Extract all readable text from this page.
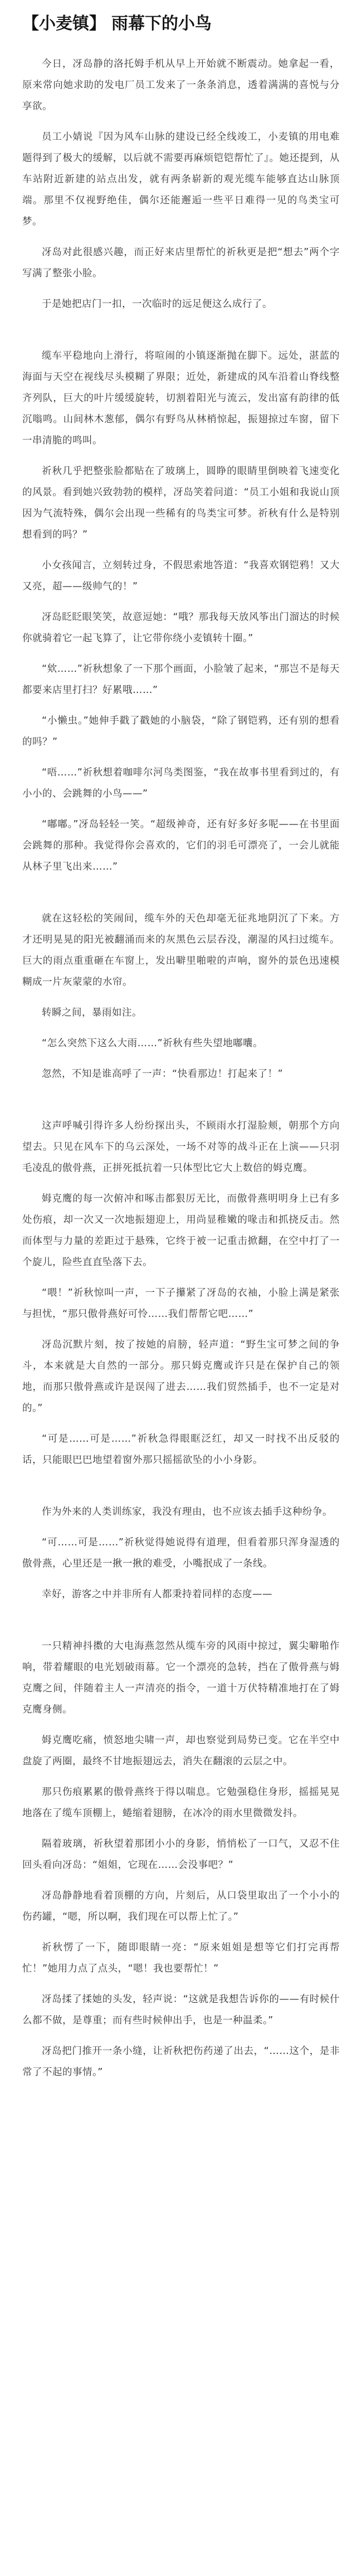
【小麦镇】 雨幕下的小鸟

今日，冴岛静的洛托姆手机从早上开始就不断震动。她拿起一看，原来常向她求助的发电厂员工发来了一条条消息，透着满满的喜悦与分享欲。

员工小婧说『因为风车山脉的建设已经全线竣工，小麦镇的用电难题得到了极大的缓解，以后就不需要再麻烦铠铠帮忙了』。她还提到，从车站附近新建的站点出发，就有两条崭新的观光缆车能够直达山脉顶端。那里不仅视野绝佳，偶尔还能邂逅一些平日难得一见的鸟类宝可梦。

冴岛对此很感兴趣，而正好来店里帮忙的祈秋更是把“想去”两个字写满了整张小脸。

于是她把店门一扣，一次临时的远足便这么成行了。

缆车平稳地向上滑行，将喧闹的小镇逐渐抛在脚下。远处，湛蓝的海面与天空在视线尽头模糊了界限；近处，新建成的风车沿着山脊线整齐列队，巨大的叶片缓缓旋转，切割着阳光与流云，发出富有韵律的低沉嗡鸣。山间林木葱郁，偶尔有野鸟从林梢惊起，振翅掠过车窗，留下一串清脆的鸣叫。

祈秋几乎把整张脸都贴在了玻璃上，圆睁的眼睛里倒映着飞速变化的风景。看到她兴致勃勃的模样，冴岛笑着问道：“员工小姐和我说山顶因为气流特殊，偶尔会出现一些稀有的鸟类宝可梦。祈秋有什么是特别想看到的吗？”

小女孩闻言，立刻转过身，不假思索地答道：“我喜欢钢铠鸦！又大又亮，超——级帅气的！”

冴岛眨眨眼笑笑，故意逗她：“哦？那我每天放风筝出门溜达的时候你就骑着它一起飞算了，让它带你绕小麦镇转十圈。”

“欸……”祈秋想象了一下那个画面，小脸皱了起来，“那岂不是每天都要来店里打扫？好累哦……”

“小懒虫。”她伸手戳了戳她的小脑袋，“除了钢铠鸦，还有别的想看的吗？”

“唔……”祈秋想着咖啡尔河鸟类图鉴，“我在故事书里看到过的，有小小的、会跳舞的小鸟——”

“嘟嘟。”冴岛轻轻一笑。“超级神奇，还有好多好多呢——在书里面会跳舞的那种。我觉得你会喜欢的，它们的羽毛可漂亮了，一会儿就能从林子里飞出来……”

就在这轻松的笑闹间，缆车外的天色却毫无征兆地阴沉了下来。方才还明晃晃的阳光被翻涌而来的灰黑色云层吞没，潮湿的风扫过缆车。巨大的雨点重重砸在车窗上，发出噼里啪啦的声响，窗外的景色迅速模糊成一片灰蒙蒙的水帘。

转瞬之间，暴雨如注。

“怎么突然下这么大雨……”祈秋有些失望地嘟囔。

忽然，不知是谁高呼了一声：“快看那边！打起来了！”

这声呼喊引得许多人纷纷探出头，不顾雨水打湿脸颊，朝那个方向望去。只见在风车下的乌云深处，一场不对等的战斗正在上演——只羽毛凌乱的傲骨燕，正拼死抵抗着一只体型比它大上数倍的姆克鹰。

姆克鹰的每一次俯冲和啄击都狠厉无比，而傲骨燕明明身上已有多处伤痕，却一次又一次地振翅迎上，用尚显稚嫩的喙击和抓挠反击。然而体型与力量的差距过于悬殊，它终于被一记重击掀翻，在空中打了一个旋儿，险些直直坠落下去。

“喂！”祈秋惊叫一声，一下子攥紧了冴岛的衣袖，小脸上满是紧张与担忧，“那只傲骨燕好可怜……我们帮帮它吧……”

冴岛沉默片刻，按了按她的肩膀，轻声道：“野生宝可梦之间的争斗，本来就是大自然的一部分。那只姆克鹰或许只是在保护自己的领地，而那只傲骨燕或许是误闯了进去……我们贸然插手，也不一定是对的。”

“可是……可是……”祈秋急得眼眶泛红，却又一时找不出反驳的话，只能眼巴巴地望着窗外那只摇摇欲坠的小小身影。

作为外来的人类训练家，我没有理由，也不应该去插手这种纷争。

“可……可是……”祈秋觉得她说得有道理，但看着那只浑身湿透的傲骨燕，心里还是一揪一揪的难受，小嘴抿成了一条线。

幸好，游客之中并非所有人都秉持着同样的态度——

一只精神抖擞的大电海燕忽然从缆车旁的风雨中掠过，翼尖噼啪作响，带着耀眼的电光划破雨幕。它一个漂亮的急转，挡在了傲骨燕与姆克鹰之间，伴随着主人一声清亮的指令，一道十万伏特精准地打在了姆克鹰身侧。

姆克鹰吃痛，愤怒地尖啸一声，却也察觉到局势已变。它在半空中盘旋了两圈，最终不甘地振翅远去，消失在翻滚的云层之中。

那只伤痕累累的傲骨燕终于得以喘息。它勉强稳住身形，摇摇晃晃地落在了缆车顶棚上，蜷缩着翅膀，在冰冷的雨水里微微发抖。

隔着玻璃，祈秋望着那团小小的身影，悄悄松了一口气，又忍不住回头看向冴岛：“姐姐，它现在……会没事吧？”

冴岛静静地看着顶棚的方向，片刻后，从口袋里取出了一个小小的伤药罐，“嗯，所以啊，我们现在可以帮上忙了。”

祈秋愣了一下，随即眼睛一亮：“原来姐姐是想等它们打完再帮忙！”她用力点了点头，“嗯！我也要帮忙！”

冴岛揉了揉她的头发，轻声说：“这就是我想告诉你的——有时候什么都不做，是尊重；而有些时候伸出手，也是一种温柔。”

冴岛把门推开一条小缝，让祈秋把伤药递了出去，“……这个，是非常了不起的事情。”
